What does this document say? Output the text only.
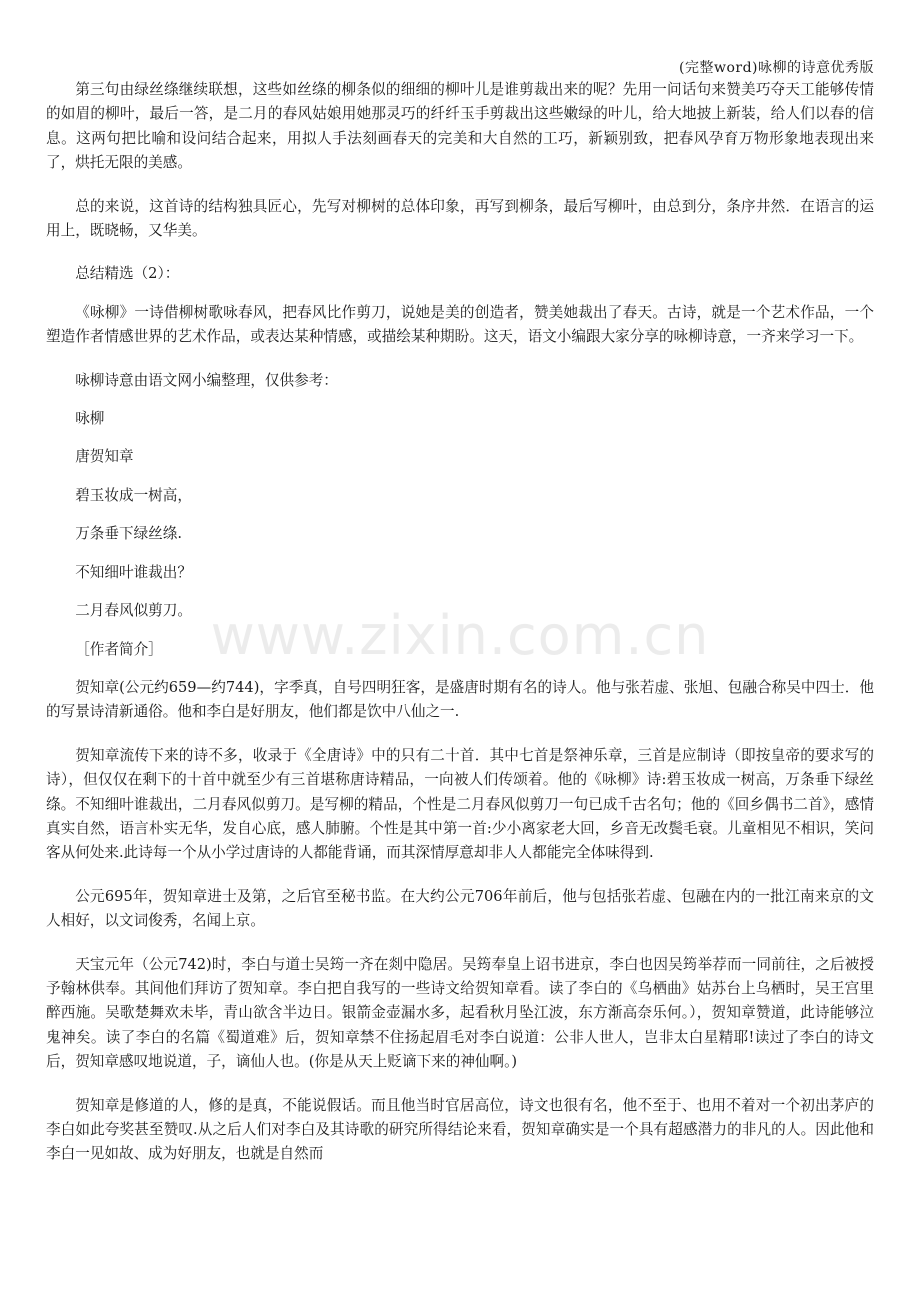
(完整word)咏柳的诗意优秀版

第三句由绿丝绦继续联想，这些如丝绦的柳条似的细细的柳叶儿是谁剪裁出来的呢？先用一问话句来赞美巧夺天工能够传情的如眉的柳叶，最后一答，是二月的春风姑娘用她那灵巧的纤纤玉手剪裁出这些嫩绿的叶儿，给大地披上新装，给人们以春的信息。这两句把比喻和设问结合起来，用拟人手法刻画春天的完美和大自然的工巧，新颖别致，把春风孕育万物形象地表现出来了，烘托无限的美感。

总的来说，这首诗的结构独具匠心，先写对柳树的总体印象，再写到柳条，最后写柳叶，由总到分，条序井然．在语言的运用上，既晓畅，又华美。

总结精选（2）：

《咏柳》一诗借柳树歌咏春风，把春风比作剪刀，说她是美的创造者，赞美她裁出了春天。古诗，就是一个艺术作品，一个塑造作者情感世界的艺术作品，或表达某种情感，或描绘某种期盼。这天，语文小编跟大家分享的咏柳诗意，一齐来学习一下。

咏柳诗意由语文网小编整理，仅供参考：

咏柳

唐贺知章

碧玉妆成一树高，

万条垂下绿丝绦.

不知细叶谁裁出？

二月春风似剪刀。

［作者简介］

贺知章(公元约659—约744)，字季真，自号四明狂客，是盛唐时期有名的诗人。他与张若虚、张旭、包融合称吴中四士．他的写景诗清新通俗。他和李白是好朋友，他们都是饮中八仙之一.

贺知章流传下来的诗不多，收录于《全唐诗》中的只有二十首．其中七首是祭神乐章，三首是应制诗（即按皇帝的要求写的诗），但仅仅在剩下的十首中就至少有三首堪称唐诗精品，一向被人们传颂着。他的《咏柳》诗:碧玉妆成一树高，万条垂下绿丝绦。不知细叶谁裁出，二月春风似剪刀。是写柳的精品，个性是二月春风似剪刀一句已成千古名句；他的《回乡偶书二首》，感情真实自然，语言朴实无华，发自心底，感人肺腑。个性是其中第一首:少小离家老大回，乡音无改鬓毛衰。儿童相见不相识，笑问客从何处来.此诗每一个从小学过唐诗的人都能背诵，而其深情厚意却非人人都能完全体味得到.

公元695年，贺知章进士及第，之后官至秘书监。在大约公元706年前后，他与包括张若虚、包融在内的一批江南来京的文人相好，以文词俊秀，名闻上京。

天宝元年（公元742)时，李白与道士吴筠一齐在剡中隐居。吴筠奉皇上诏书进京，李白也因吴筠举荐而一同前往，之后被授予翰林供奉。其间他们拜访了贺知章。李白把自我写的一些诗文给贺知章看。读了李白的《乌栖曲》姑苏台上乌栖时，吴王宫里醉西施。吴歌楚舞欢未毕，青山欲含半边日。银箭金壶漏水多，起看秋月坠江波，东方渐高奈乐何。），贺知章赞道，此诗能够泣鬼神矣。读了李白的名篇《蜀道难》后，贺知章禁不住扬起眉毛对李白说道：公非人世人，岂非太白星精耶!读过了李白的诗文后，贺知章感叹地说道，子，谪仙人也。(你是从天上贬谪下来的神仙啊。)

贺知章是修道的人，修的是真，不能说假话。而且他当时官居高位，诗文也很有名，他不至于、也用不着对一个初出茅庐的李白如此夸奖甚至赞叹.从之后人们对李白及其诗歌的研究所得结论来看，贺知章确实是一个具有超感潜力的非凡的人。因此他和李白一见如故、成为好朋友，也就是自然而

www.zixin.com.cn
